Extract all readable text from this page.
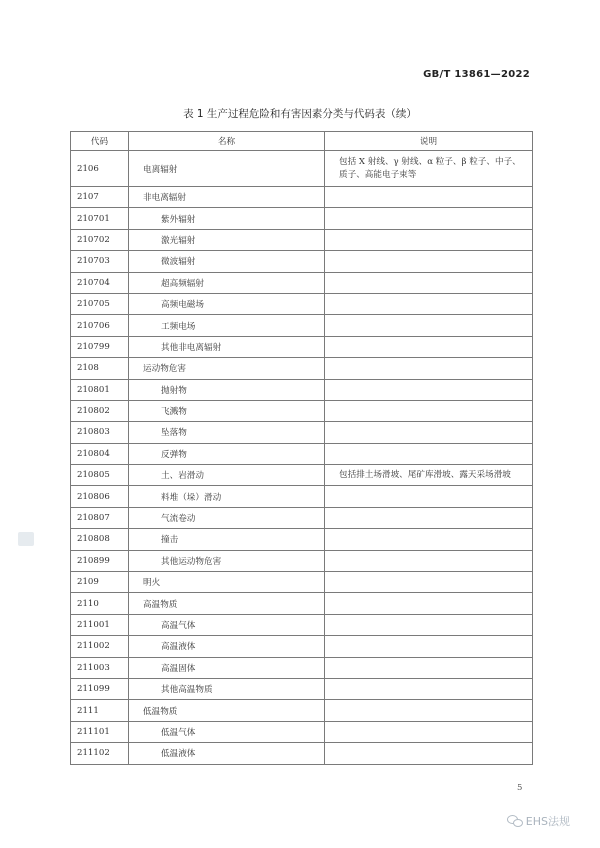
GB/T 13861—2022
表 1 生产过程危险和有害因素分类与代码表（续）
代码	名称	说明
2106	电离辐射	包括 X 射线、γ 射线、α 粒子、β 粒子、中子、质子、高能电子束等
2107	非电离辐射	
210701	紫外辐射	
210702	激光辐射	
210703	微波辐射	
210704	超高频辐射	
210705	高频电磁场	
210706	工频电场	
210799	其他非电离辐射	
2108	运动物危害	
210801	抛射物	
210802	飞溅物	
210803	坠落物	
210804	反弹物	
210805	土、岩滑动	包括排土场滑坡、尾矿库滑坡、露天采场滑坡
210806	料堆（垛）滑动	
210807	气流卷动	
210808	撞击	
210899	其他运动物危害	
2109	明火	
2110	高温物质	
211001	高温气体	
211002	高温液体	
211003	高温固体	
211099	其他高温物质	
2111	低温物质	
211101	低温气体	
211102	低温液体	
5
EHS法规
